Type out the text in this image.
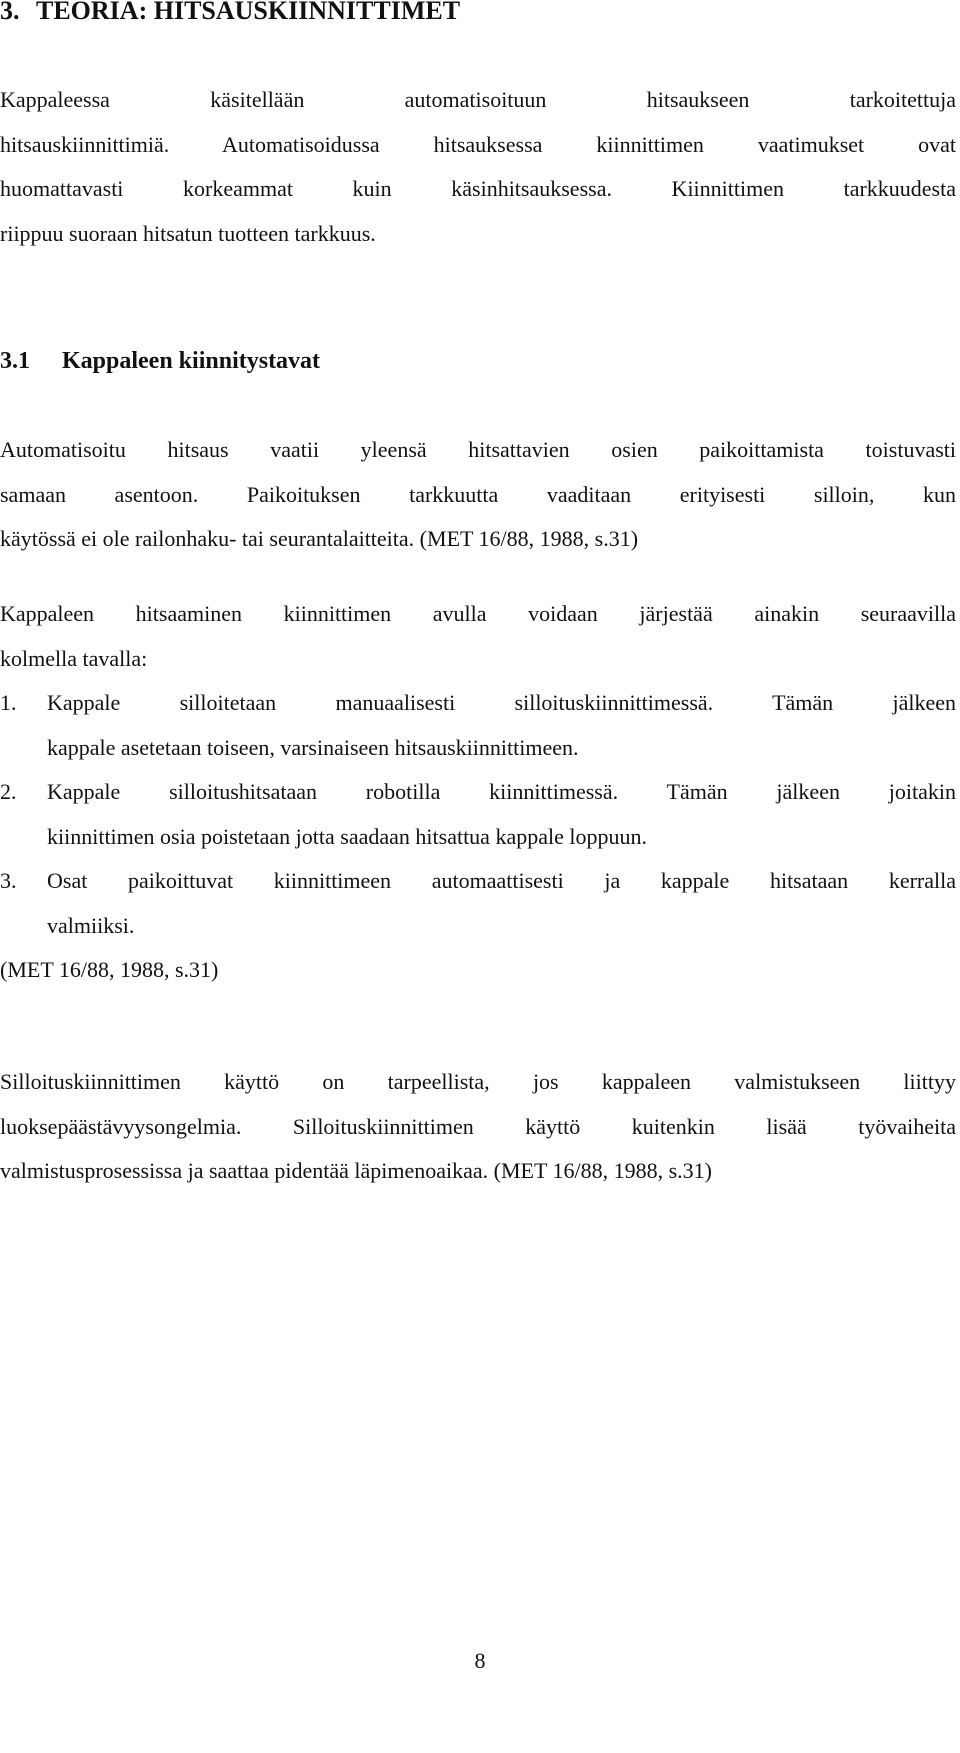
3. TEORIA: HITSAUSKIINNITTIMET

Kappaleessa käsitellään automatisoituun hitsaukseen tarkoitettuja
hitsauskiinnittimiä. Automatisoidussa hitsauksessa kiinnittimen vaatimukset ovat
huomattavasti korkeammat kuin käsinhitsauksessa. Kiinnittimen tarkkuudesta
riippuu suoraan hitsatun tuotteen tarkkuus.

3.1 Kappaleen kiinnitystavat

Automatisoitu hitsaus vaatii yleensä hitsattavien osien paikoittamista toistuvasti
samaan asentoon. Paikoituksen tarkkuutta vaaditaan erityisesti silloin, kun
käytössä ei ole railonhaku- tai seurantalaitteita. (MET 16/88, 1988, s.31)

Kappaleen hitsaaminen kiinnittimen avulla voidaan järjestää ainakin seuraavilla
kolmella tavalla:

1. Kappale silloitetaan manuaalisesti silloituskiinnittimessä. Tämän jälkeen
kappale asetetaan toiseen, varsinaiseen hitsauskiinnittimeen.
2. Kappale silloitushitsataan robotilla kiinnittimessä. Tämän jälkeen joitakin
kiinnittimen osia poistetaan jotta saadaan hitsattua kappale loppuun.
3. Osat paikoittuvat kiinnittimeen automaattisesti ja kappale hitsataan kerralla
valmiiksi.

(MET 16/88, 1988, s.31)

Silloituskiinnittimen käyttö on tarpeellista, jos kappaleen valmistukseen liittyy
luoksepäästävyysongelmia. Silloituskiinnittimen käyttö kuitenkin lisää työvaiheita
valmistusprosessissa ja saattaa pidentää läpimenoaikaa. (MET 16/88, 1988, s.31)

8
